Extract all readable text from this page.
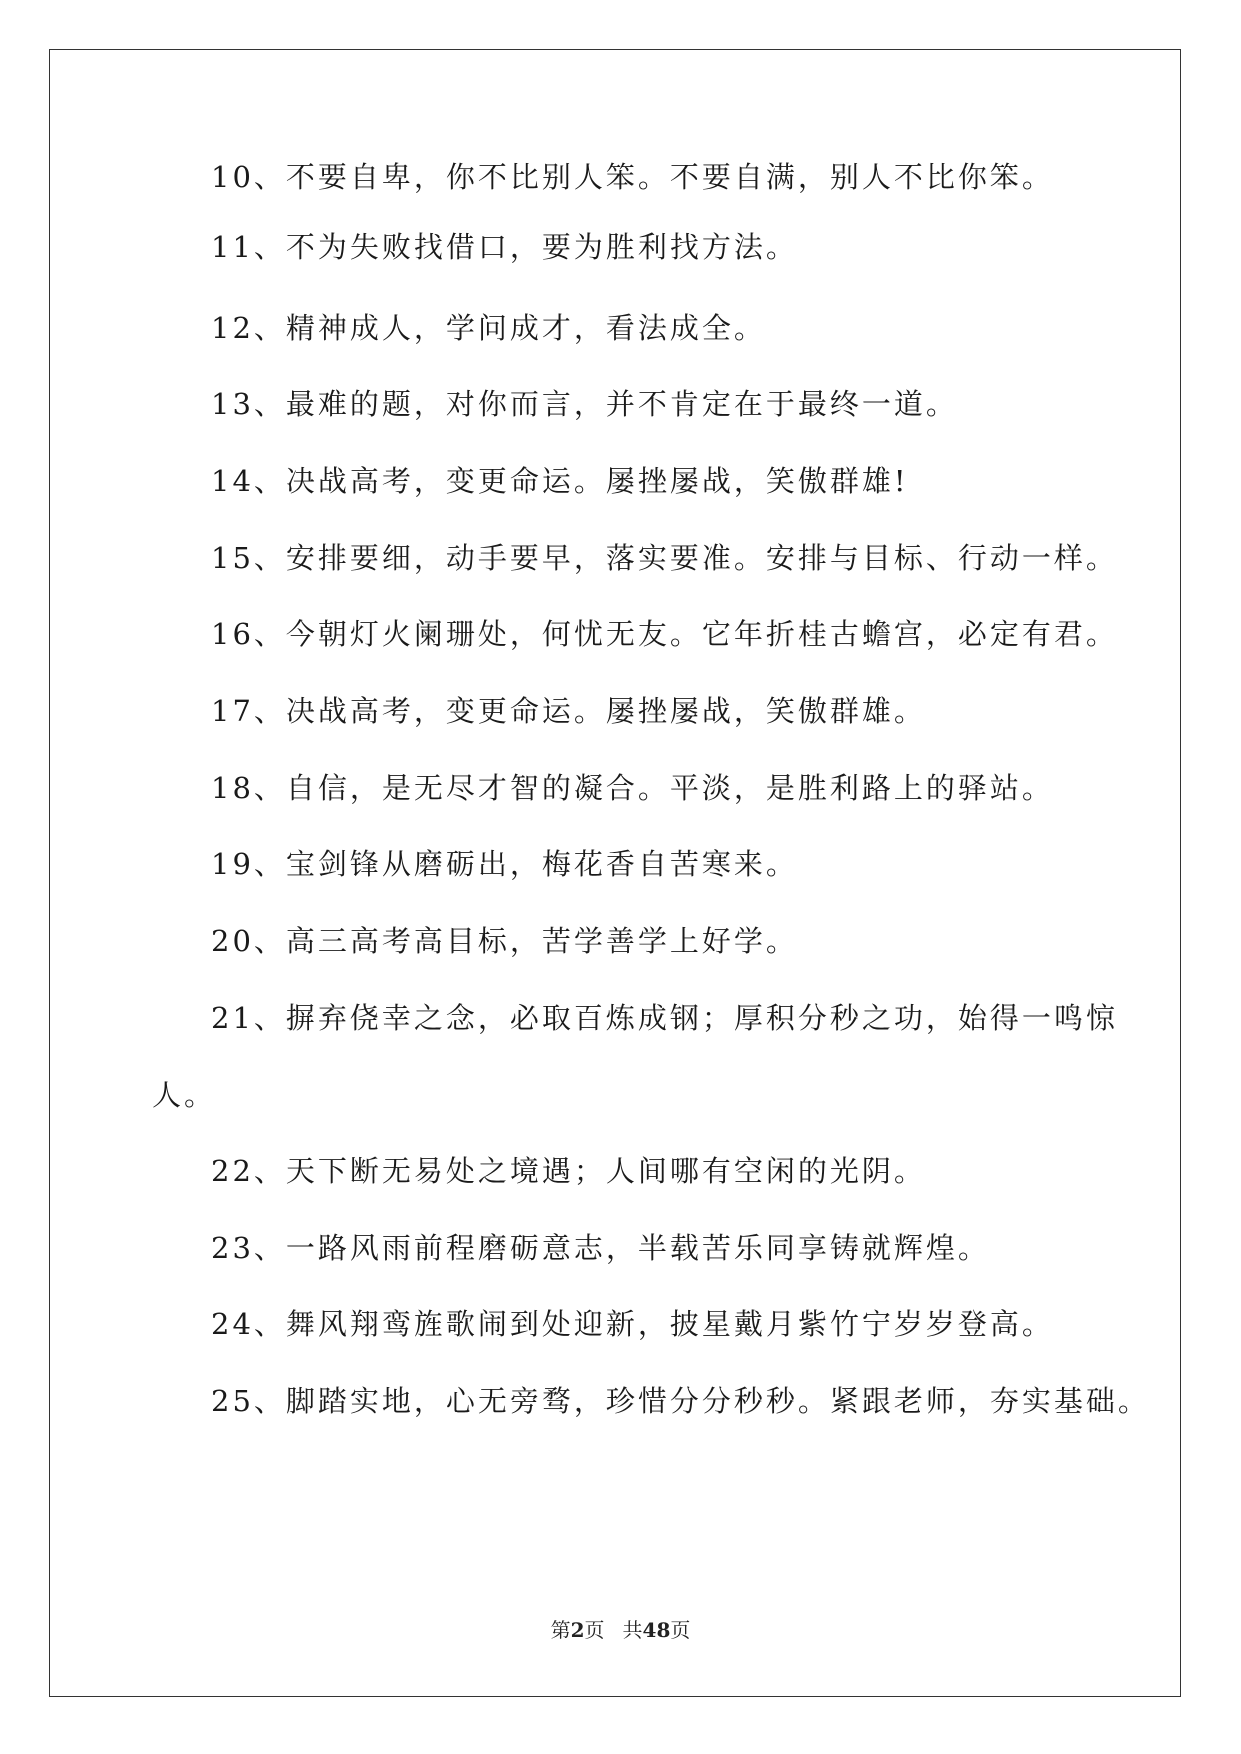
10、不要自卑，你不比别人笨。不要自满，别人不比你笨。
11、不为失败找借口，要为胜利找方法。
12、精神成人，学问成才，看法成全。
13、最难的题，对你而言，并不肯定在于最终一道。
14、决战高考，变更命运。屡挫屡战，笑傲群雄!
15、安排要细，动手要早，落实要准。安排与目标、行动一样。
16、今朝灯火阑珊处，何忧无友。它年折桂古蟾宫，必定有君。
17、决战高考，变更命运。屡挫屡战，笑傲群雄。
18、自信，是无尽才智的凝合。平淡，是胜利路上的驿站。
19、宝剑锋从磨砺出，梅花香自苦寒来。
20、高三高考高目标，苦学善学上好学。
21、摒弃侥幸之念，必取百炼成钢；厚积分秒之功，始得一鸣惊
人。
22、天下断无易处之境遇；人间哪有空闲的光阴。
23、一路风雨前程磨砺意志，半载苦乐同享铸就辉煌。
24、舞风翔鸾旌歌闹到处迎新，披星戴月紫竹宁岁岁登高。
25、脚踏实地，心无旁骛，珍惜分分秒秒。紧跟老师，夯实基础。
第2页 共48页
